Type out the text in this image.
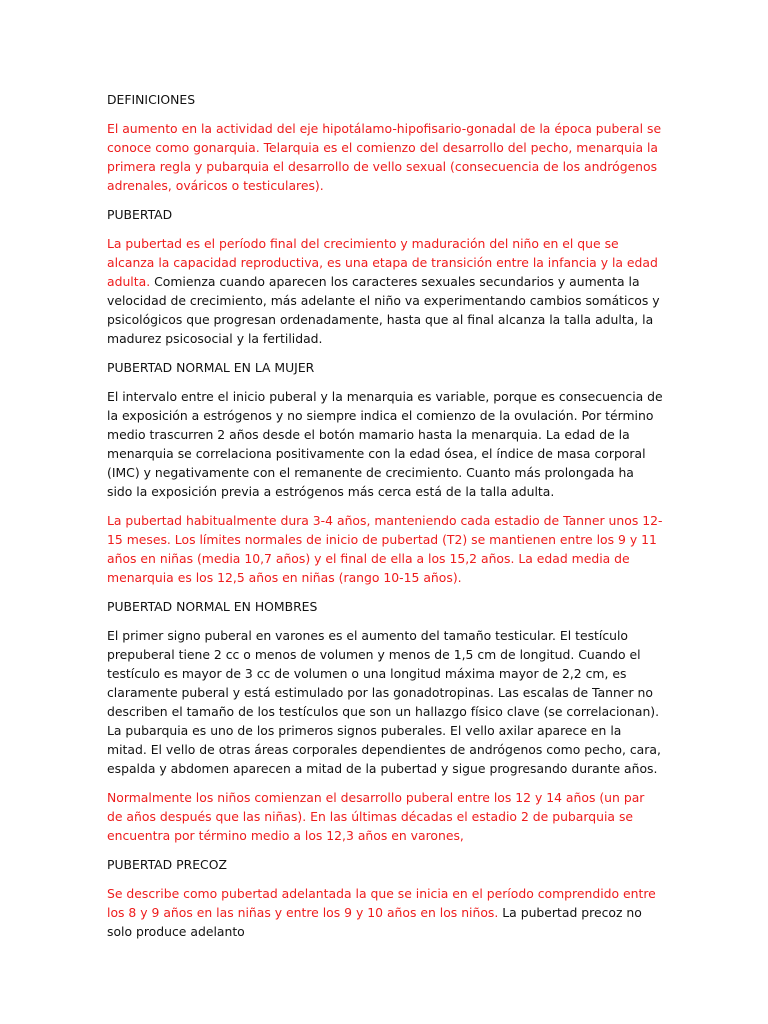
DEFINICIONES

El aumento en la actividad del eje hipotálamo-hipofisario-gonadal de la época puberal se conoce como gonarquia. Telarquia es el comienzo del desarrollo del pecho, menarquia la primera regla y pubarquia el desarrollo de vello sexual (consecuencia de los andrógenos adrenales, ováricos o testiculares).

PUBERTAD

La pubertad es el período final del crecimiento y maduración del niño en el que se alcanza la capacidad reproductiva, es una etapa de transición entre la infancia y la edad adulta. Comienza cuando aparecen los caracteres sexuales secundarios y aumenta la velocidad de crecimiento, más adelante el niño va experimentando cambios somáticos y psicológicos que progresan ordenadamente, hasta que al final alcanza la talla adulta, la madurez psicosocial y la fertilidad.

PUBERTAD NORMAL EN LA MUJER

El intervalo entre el inicio puberal y la menarquia es variable, porque es consecuencia de la exposición a estrógenos y no siempre indica el comienzo de la ovulación. Por término medio trascurren 2 años desde el botón mamario hasta la menarquia. La edad de la menarquia se correlaciona positivamente con la edad ósea, el índice de masa corporal (IMC) y negativamente con el remanente de crecimiento. Cuanto más prolongada ha sido la exposición previa a estrógenos más cerca está de la talla adulta.

La pubertad habitualmente dura 3-4 años, manteniendo cada estadio de Tanner unos 12-15 meses. Los límites normales de inicio de pubertad (T2) se mantienen entre los 9 y 11 años en niñas (media 10,7 años) y el final de ella a los 15,2 años. La edad media de menarquia es los 12,5 años en niñas (rango 10-15 años).

PUBERTAD NORMAL EN HOMBRES

El primer signo puberal en varones es el aumento del tamaño testicular. El testículo prepuberal tiene 2 cc o menos de volumen y menos de 1,5 cm de longitud. Cuando el testículo es mayor de 3 cc de volumen o una longitud máxima mayor de 2,2 cm, es claramente puberal y está estimulado por las gonadotropinas. Las escalas de Tanner no describen el tamaño de los testículos que son un hallazgo físico clave (se correlacionan). La pubarquia es uno de los primeros signos puberales. El vello axilar aparece en la mitad. El vello de otras áreas corporales dependientes de andrógenos como pecho, cara, espalda y abdomen aparecen a mitad de la pubertad y sigue progresando durante años.

Normalmente los niños comienzan el desarrollo puberal entre los 12 y 14 años (un par de años después que las niñas). En las últimas décadas el estadio 2 de pubarquia se encuentra por término medio a los 12,3 años en varones,

PUBERTAD PRECOZ

Se describe como pubertad adelantada la que se inicia en el período comprendido entre los 8 y 9 años en las niñas y entre los 9 y 10 años en los niños. La pubertad precoz no solo produce adelanto
